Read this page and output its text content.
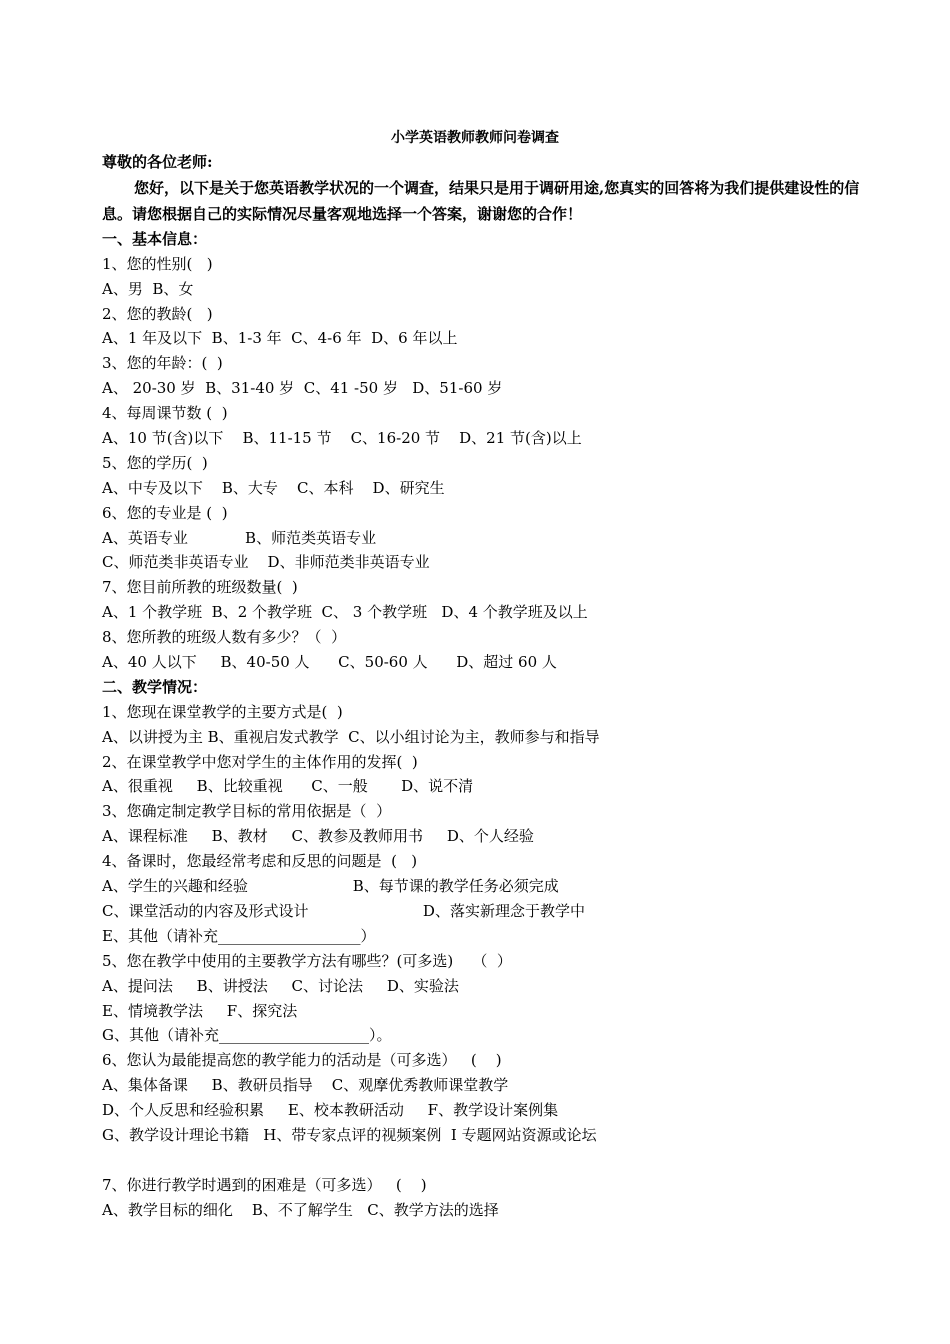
小学英语教师教师问卷调查
尊敬的各位老师:
您好，以下是关于您英语教学状况的一个调查，结果只是用于调研用途,您真实的回答将为我们提供建设性的信息。请您根据自己的实际情况尽量客观地选择一个答案，谢谢您的合作！
一、基本信息：
1、您的性别(   )
A、男  B、女
2、您的教龄(   )
A、1 年及以下  B、1-3 年  C、4-6 年  D、6 年以上
3、您的年龄：(  )
A、 20-30 岁  B、31-40 岁  C、41 -50 岁   D、51-60 岁
4、每周课节数 (  )
A、10 节(含)以下    B、11-15 节    C、16-20 节    D、21 节(含)以上
5、您的学历(  )
A、中专及以下    B、大专    C、本科    D、研究生
6、您的专业是 (  )
A、英语专业            B、师范类英语专业
C、师范类非英语专业    D、非师范类非英语专业
7、您目前所教的班级数量(  )
A、1 个教学班  B、2 个教学班  C、 3 个教学班   D、4 个教学班及以上
8、您所教的班级人数有多少？（  ）
A、40 人以下     B、40-50 人      C、50-60 人      D、超过 60 人
二、教学情况：
1、您现在课堂教学的主要方式是(  )
A、以讲授为主 B、重视启发式教学  C、以小组讨论为主，教师参与和指导
2、在课堂教学中您对学生的主体作用的发挥(  )
A、很重视     B、比较重视      C、一般       D、说不清
3、您确定制定教学目标的常用依据是（  ）
A、课程标准     B、教材     C、教参及教师用书     D、个人经验
4、备课时，您最经常考虑和反思的问题是  (   )
A、学生的兴趣和经验                      B、每节课的教学任务必须完成
C、课堂活动的内容及形式设计                        D、落实新理念于教学中
E、其他（请补充___________________）
5、您在教学中使用的主要教学方法有哪些？(可多选)    （  ）
A、提问法     B、讲授法     C、讨论法     D、实验法
E、情境教学法     F、探究法
G、其他（请补充____________________）。
6、您认为最能提高您的教学能力的活动是（可多选）   (    )
A、集体备课     B、教研员指导    C、观摩优秀教师课堂教学
D、个人反思和经验积累     E、校本教研活动     F、教学设计案例集
G、教学设计理论书籍   H、带专家点评的视频案例  I 专题网站资源或论坛
7、你进行教学时遇到的困难是（可多选）   (    )
A、教学目标的细化    B、不了解学生   C、教学方法的选择
